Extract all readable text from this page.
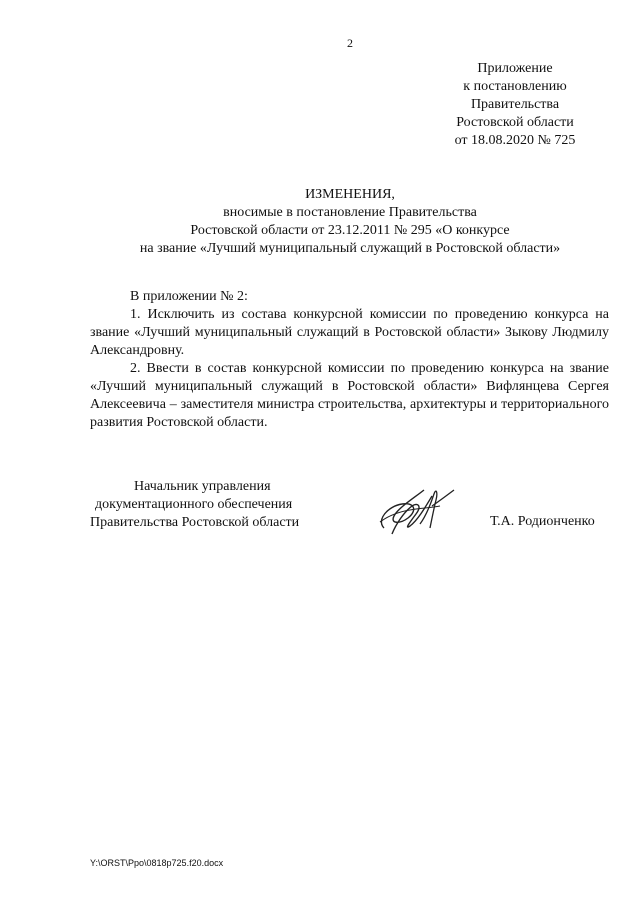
2
Приложение
к постановлению
Правительства
Ростовской области
от 18.08.2020 № 725
ИЗМЕНЕНИЯ,
вносимые в постановление Правительства
Ростовской области от 23.12.2011 № 295 «О конкурсе
на звание «Лучший муниципальный служащий в Ростовской области»

В приложении № 2:

1. Исключить из состава конкурсной комиссии по проведению конкурса на звание «Лучший муниципальный служащий в Ростовской области» Зыкову Людмилу Александровну.

2. Ввести в состав конкурсной комиссии по проведению конкурса на звание «Лучший муниципальный служащий в Ростовской области» Вифлянцева Сергея Алексеевича – заместителя министра строительства, архитектуры и территориального развития Ростовской области.

Начальник управления
документационного обеспечения
Правительства Ростовской области	Т.А. Родионченко
Y:\ORST\Ppo\0818p725.f20.docx
